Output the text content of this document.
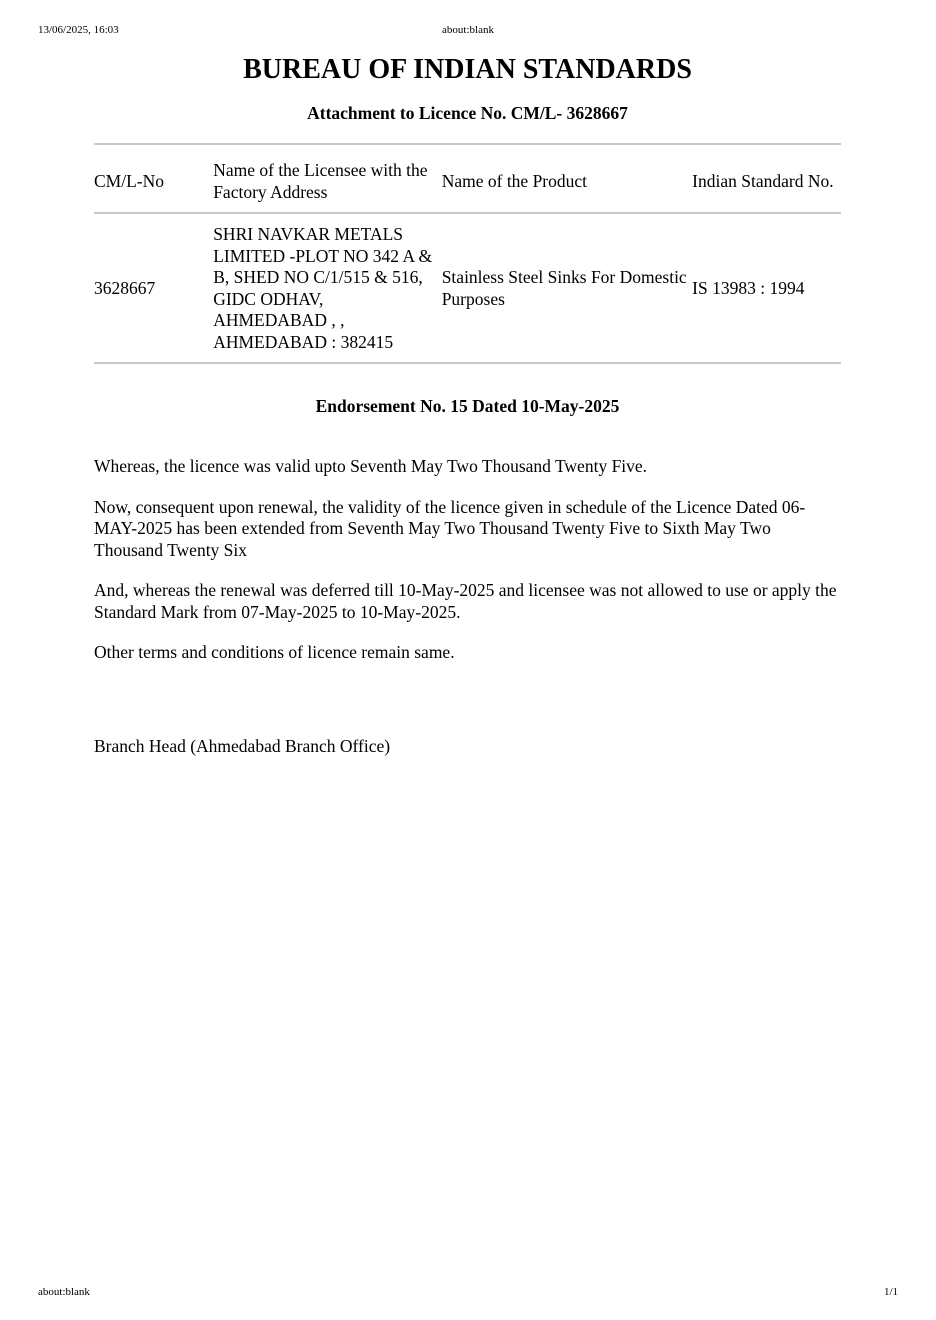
13/06/2025, 16:03	about:blank
BUREAU OF INDIAN STANDARDS
Attachment to Licence No. CM/L- 3628667
CM/L-No	Name of the Licensee with the Factory Address	Name of the Product	Indian Standard No.
3628667	SHRI NAVKAR METALS LIMITED -PLOT NO 342 A & B, SHED NO C/1/515 & 516, GIDC ODHAV, AHMEDABAD , , AHMEDABAD : 382415	Stainless Steel Sinks For Domestic Purposes	IS 13983 : 1994
Endorsement No. 15 Dated 10-May-2025

Whereas, the licence was valid upto Seventh May Two Thousand Twenty Five.

Now, consequent upon renewal, the validity of the licence given in schedule of the Licence Dated 06-MAY-2025 has been extended from Seventh May Two Thousand Twenty Five to Sixth May Two Thousand Twenty Six

And, whereas the renewal was deferred till 10-May-2025 and licensee was not allowed to use or apply the Standard Mark from 07-May-2025 to 10-May-2025.

Other terms and conditions of licence remain same.

Branch Head (Ahmedabad Branch Office)
about:blank	1/1
